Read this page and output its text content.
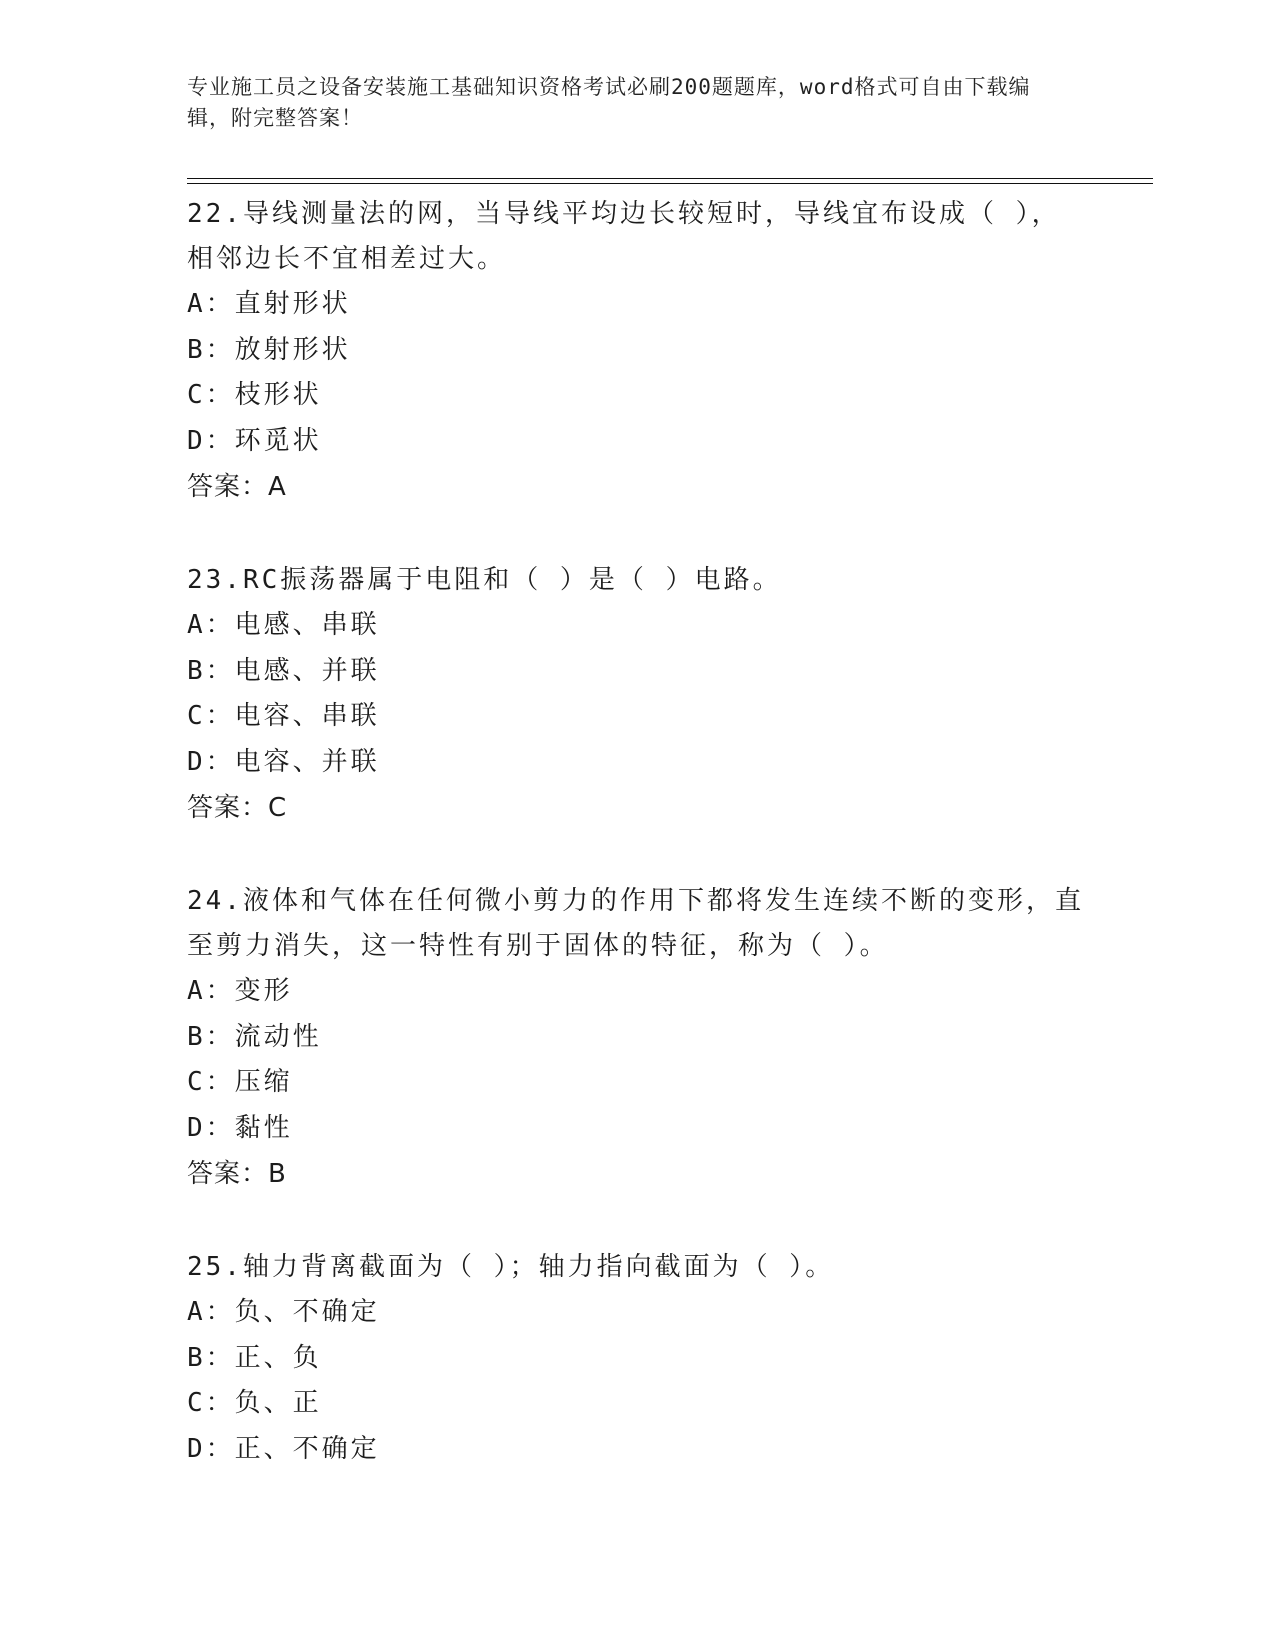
专业施工员之设备安装施工基础知识资格考试必刷200题题库，word格式可自由下载编辑，附完整答案！
22.导线测量法的网，当导线平均边长较短时，导线宜布设成（ ），相邻边长不宜相差过大。
A：直射形状
B：放射形状
C：枝形状
D：环觅状
答案：A
23.RC振荡器属于电阻和（ ）是（ ）电路。
A：电感、串联
B：电感、并联
C：电容、串联
D：电容、并联
答案：C
24.液体和气体在任何微小剪力的作用下都将发生连续不断的变形，直至剪力消失，这一特性有别于固体的特征，称为（ ）。
A：变形
B：流动性
C：压缩
D：黏性
答案：B
25.轴力背离截面为（ ）；轴力指向截面为（ ）。
A：负、不确定
B：正、负
C：负、正
D：正、不确定
